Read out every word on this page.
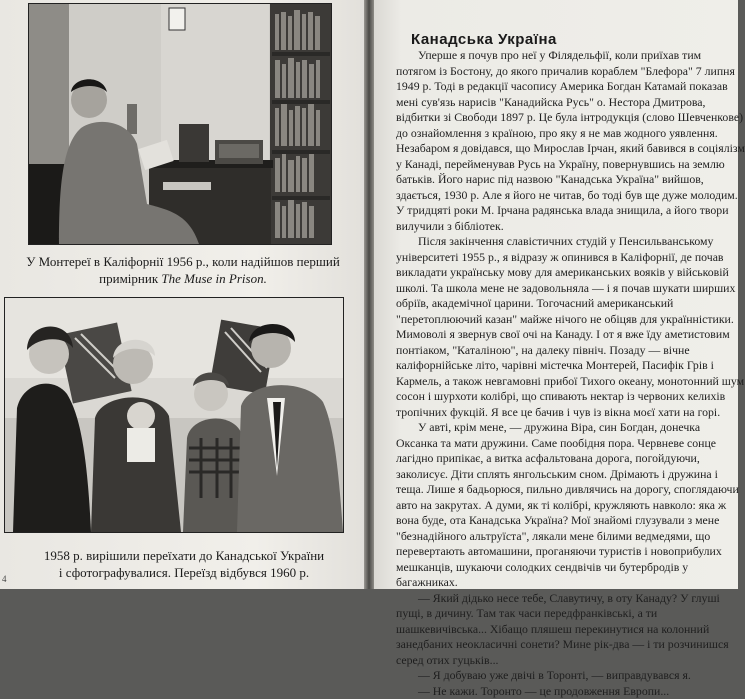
У Монтереї в Каліфорнії 1956 р., коли надійшов перший
примірник The Muse in Prison.
1958 р. вирішили переїхати до Канадської України
і сфотографувалися. Переїзд відбувся 1960 р.
4
Канадська Україна
Уперше я почув про неї у Філядельфії, коли приїхав тим
потягом із Бостону, до якого причалив кораблем "Блефора" 7 липня
1949 р. Тоді в редакції часопису Америка Богдан Катамай показав
мені сув'язь нарисів "Канадийска Русь" о. Нестора Дмитрова,
відбитки зі Свободи 1897 р. Це була інтродукція (слово Шевченкове)
до ознайомлення з країною, про яку я не мав жодного уявлення.
Незабаром я довідався, що Мирослав Ірчан, який бавився в соціялізм
у Канаді, перейменував Русь на Україну, повернувшись на землю
батьків. Його нарис під назвою "Канадська Україна" вийшов,
здається, 1930 р. Але я його не читав, бо тоді був ще дуже молодим.
У тридцяті роки М. Ірчана радянська влада знищила, а його твори
вилучили з бібліотек.
Після закінчення славістичних студій у Пенсильванському
університеті 1955 р., я відразу ж опинився в Каліфорнії, де почав
викладати українську мову для американських вояків у військовій
школі. Та школа мене не задовольняла — і я почав шукати ширших
обріїв, академічної царини. Тогочасний американський
"перетоплюючий казан" майже нічого не обіцяв для українністики.
Мимоволі я звернув свої очі на Канаду. І от я вже їду аметистовим
понтіаком, "Каталіною", на далеку північ. Позаду — вічне
каліфорнійське літо, чарівні містечка Монтерей, Пасифік Грів і
Кармель, а також невгамовні прибої Тихого океану, монотонний шум
сосон і шурхоти колібрі, що спивають нектар із червоних келихів
тропічних фукцій. Я все це бачив і чув із вікна моєї хати на горі.
У авті, крім мене, — дружина Віра, син Богдан, донечка
Оксанка та мати дружини. Саме пообідня пора. Червневе сонце
лагідно припікає, а витка асфальтована дорога, погойдуючи,
заколисує. Діти сплять янгольським сном. Дрімають і дружина і
теща. Лише я бадьорюся, пильно дивлячись на дорогу, споглядаючи
авто на закрутах. А думи, як ті колібрі, кружляють навколо: яка ж
вона буде, ота Канадська Україна? Мої знайомі глузували з мене
"безнадійного альтруїста", лякали мене білими ведмедями, що
перевертають автомашини, проганяючи туристів і новоприбулих
мешканців, шукаючи солодких сендвічів чи бутербродів у
багажниках.
— Який дідько несе тебе, Славутичу, в оту Канаду? У глуші
пущі, в дичину. Там так часи передфранківські, а ти
шашкевичівська... Хібащо пляшеш перекинутися на колонний
занедбаних неокласичні сонети? Мине рік-два — і ти розчинишся
серед отих гуцьків...
— Я добуваю уже двічі в Торонті, — виправдувався я.
— Не кажи. Торонто — це продовження Европи...
